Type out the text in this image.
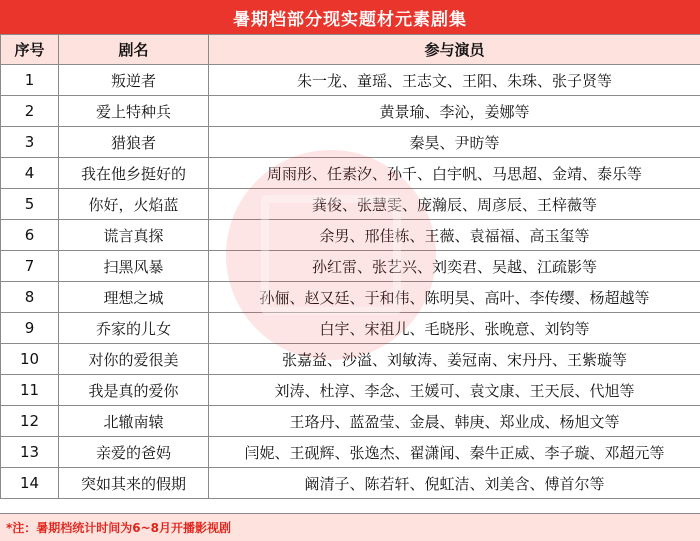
暑期档部分现实题材元素剧集
序号	剧名	参与演员
1	叛逆者	朱一龙、童瑶、王志文、王阳、朱珠、张子贤等
2	爱上特种兵	黄景瑜、李沁，姜娜等
3	猎狼者	秦昊、尹昉等
4	我在他乡挺好的	周雨彤、任素汐、孙千、白宇帆、马思超、金靖、泰乐等
5	你好，火焰蓝	龚俊、张慧雯、庞瀚辰、周彦辰、王梓薇等
6	谎言真探	余男、邢佳栋、王薇、袁福福、高玉玺等
7	扫黑风暴	孙红雷、张艺兴、刘奕君、吴越、江疏影等
8	理想之城	孙俪、赵又廷、于和伟、陈明昊、高叶、李传缨、杨超越等
9	乔家的儿女	白宇、宋祖儿、毛晓彤、张晚意、刘钧等
10	对你的爱很美	张嘉益、沙溢、刘敏涛、姜冠南、宋丹丹、王紫璇等
11	我是真的爱你	刘涛、杜淳、李念、王媛可、袁文康、王天辰、代旭等
12	北辙南辕	王珞丹、蓝盈莹、金晨、韩庚、郑业成、杨旭文等
13	亲爱的爸妈	闫妮、王砚辉、张逸杰、翟潇闻、秦牛正威、李子璇、邓超元等
14	突如其来的假期	阚清子、陈若轩、倪虹洁、刘美含、傅首尔等
*注：暑期档统计时间为6~8月开播影视剧
